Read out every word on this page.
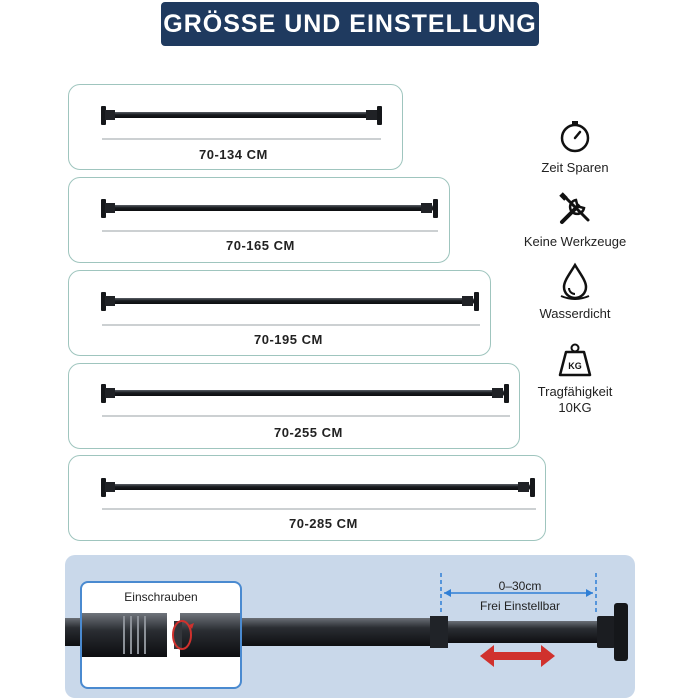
GRÖSSE UND EINSTELLUNG
70-134 CM
70-165 CM
70-195 CM
70-255 CM
70-285 CM
Zeit Sparen
Keine Werkzeuge
Wasserdicht
KG
Tragfähigkeit
10KG
0–30cm
Frei Einstellbar
Einschrauben
